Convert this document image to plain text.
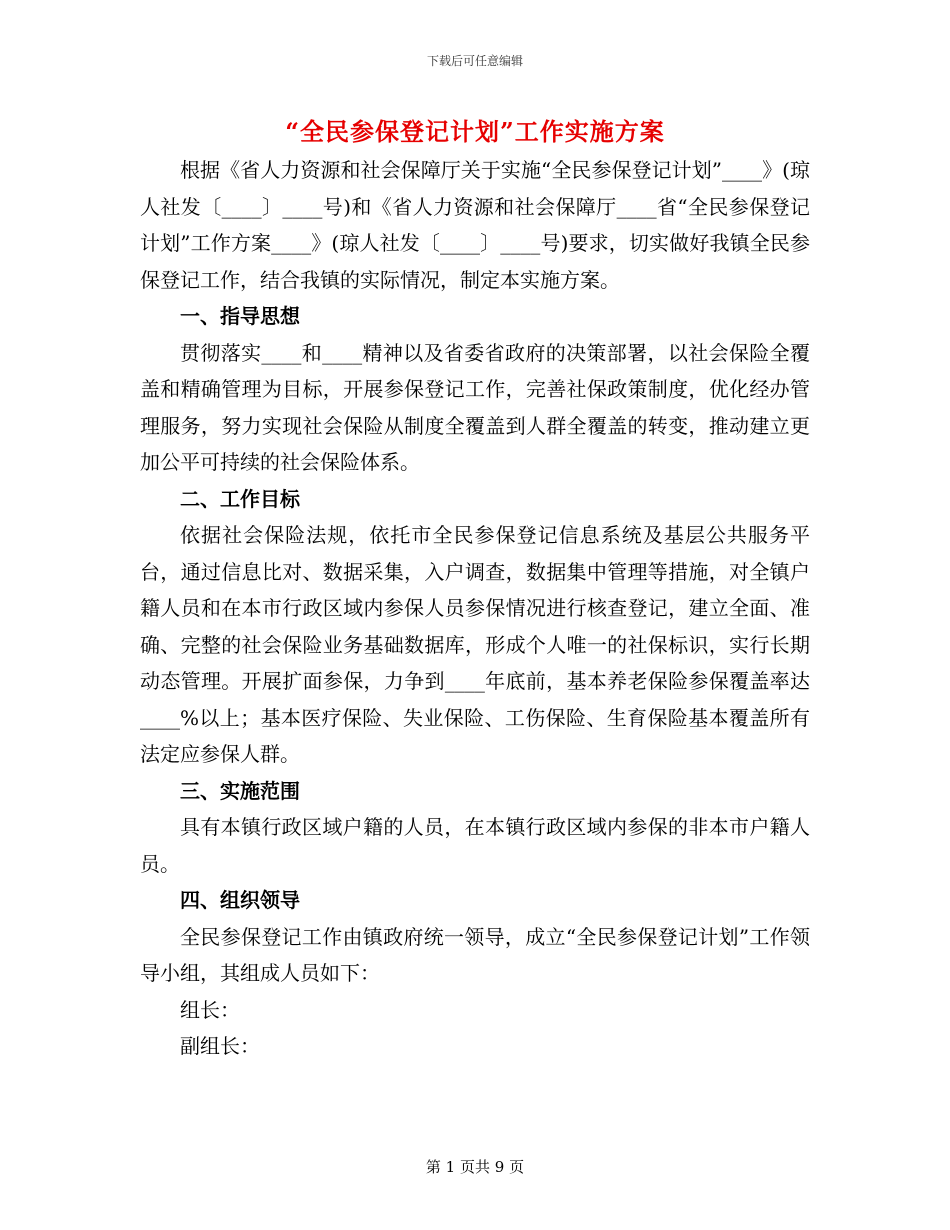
下载后可任意编辑
“全民参保登记计划”工作实施方案

根据《省人力资源和社会保障厅关于实施“全民参保登记计划”____》(琼人社发〔____〕____号)和《省人力资源和社会保障厅____省“全民参保登记计划”工作方案____》(琼人社发〔____〕____号)要求，切实做好我镇全民参保登记工作，结合我镇的实际情况，制定本实施方案。

一、指导思想

贯彻落实____和____精神以及省委省政府的决策部署，以社会保险全覆盖和精确管理为目标，开展参保登记工作，完善社保政策制度，优化经办管理服务，努力实现社会保险从制度全覆盖到人群全覆盖的转变，推动建立更加公平可持续的社会保险体系。

二、工作目标

依据社会保险法规，依托市全民参保登记信息系统及基层公共服务平台，通过信息比对、数据采集，入户调查，数据集中管理等措施，对全镇户籍人员和在本市行政区域内参保人员参保情况进行核查登记，建立全面、准确、完整的社会保险业务基础数据库，形成个人唯一的社保标识，实行长期动态管理。开展扩面参保，力争到____年底前，基本养老保险参保覆盖率达____%以上；基本医疗保险、失业保险、工伤保险、生育保险基本覆盖所有法定应参保人群。

三、实施范围

具有本镇行政区域户籍的人员，在本镇行政区域内参保的非本市户籍人员。

四、组织领导

全民参保登记工作由镇政府统一领导，成立“全民参保登记计划”工作领导小组，其组成人员如下：

组长：

副组长：

第 1 页共 9 页
